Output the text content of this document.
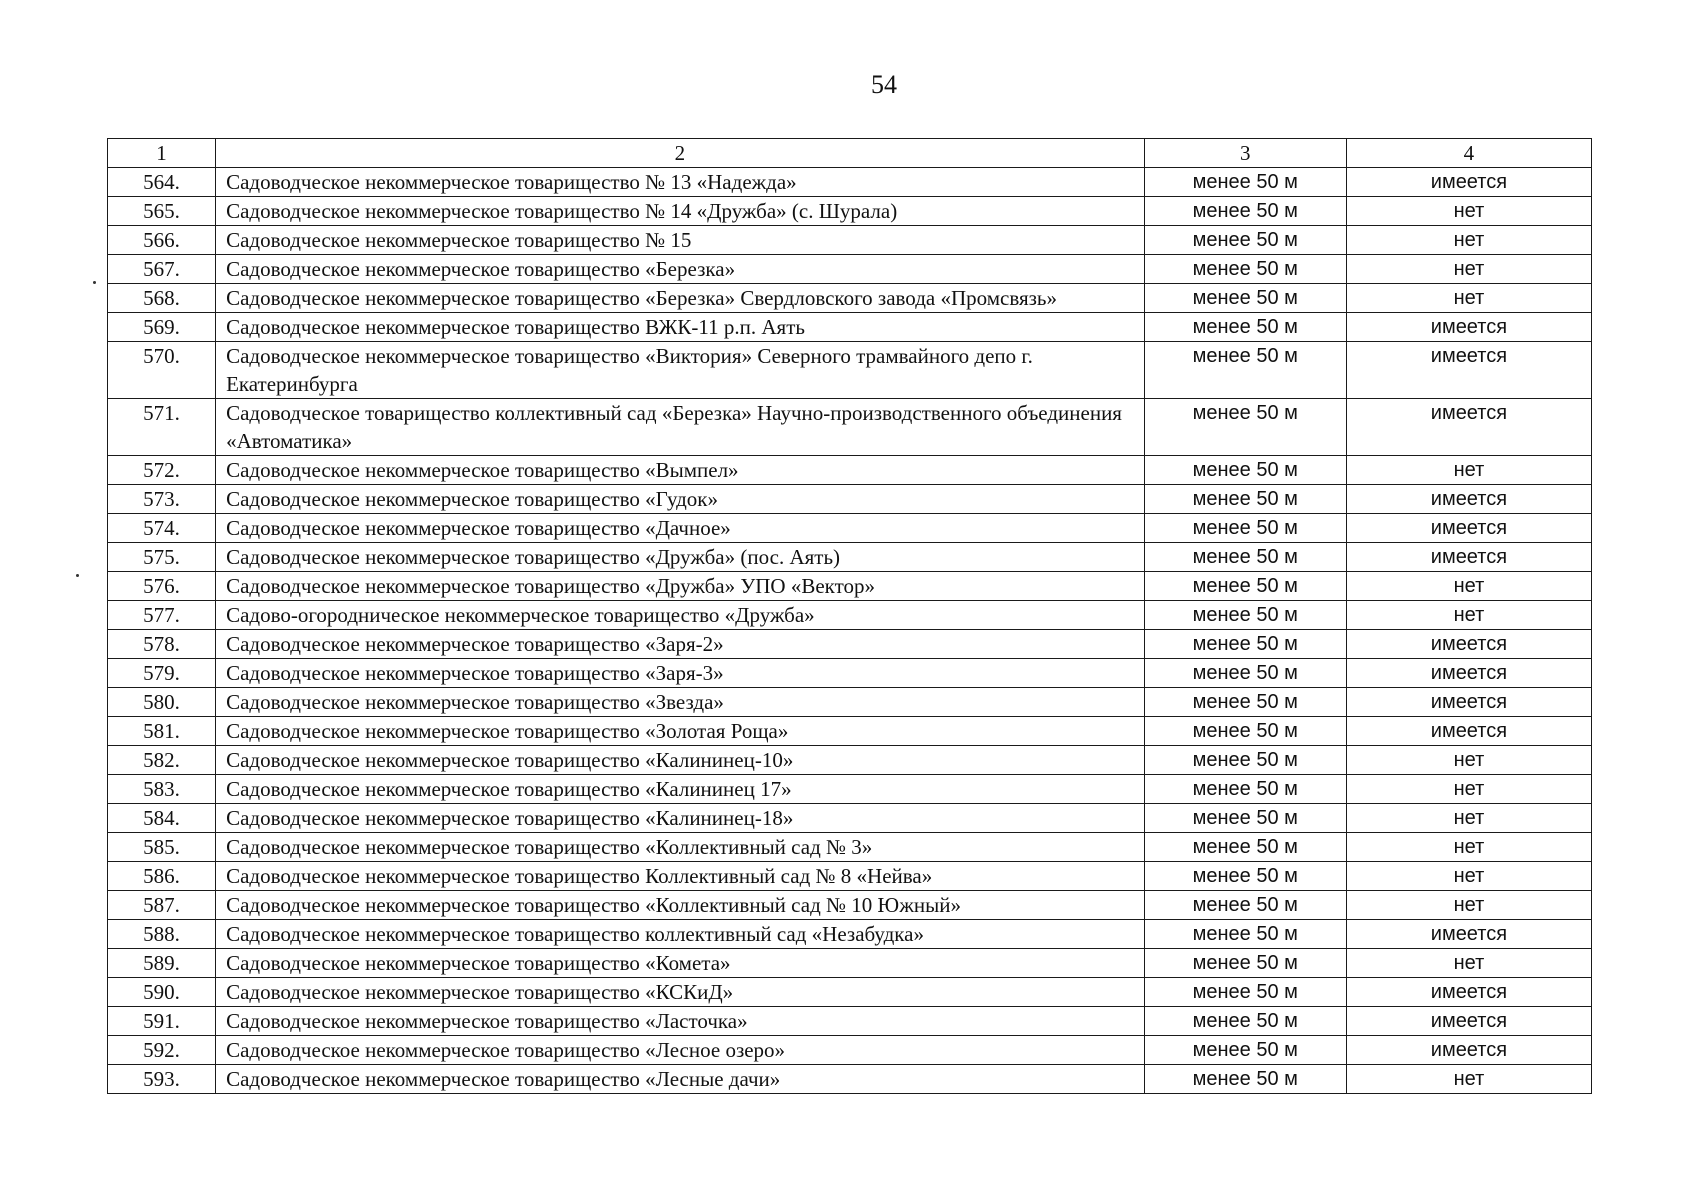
54
1	2	3	4
564.	Садоводческое некоммерческое товарищество № 13 «Надежда»	менее 50 м	имеется
565.	Садоводческое некоммерческое товарищество № 14 «Дружба» (с. Шурала)	менее 50 м	нет
566.	Садоводческое некоммерческое товарищество № 15	менее 50 м	нет
567.	Садоводческое некоммерческое товарищество «Березка»	менее 50 м	нет
568.	Садоводческое некоммерческое товарищество «Березка» Свердловского завода «Промсвязь»	менее 50 м	нет
569.	Садоводческое некоммерческое товарищество ВЖК-11 р.п. Аять	менее 50 м	имеется
570.	Садоводческое некоммерческое товарищество «Виктория» Северного трамвайного депо г. Екатеринбурга	менее 50 м	имеется
571.	Садоводческое товарищество коллективный сад «Березка» Научно-производственного объединения «Автоматика»	менее 50 м	имеется
572.	Садоводческое некоммерческое товарищество «Вымпел»	менее 50 м	нет
573.	Садоводческое некоммерческое товарищество «Гудок»	менее 50 м	имеется
574.	Садоводческое некоммерческое товарищество «Дачное»	менее 50 м	имеется
575.	Садоводческое некоммерческое товарищество «Дружба» (пос. Аять)	менее 50 м	имеется
576.	Садоводческое некоммерческое товарищество «Дружба» УПО «Вектор»	менее 50 м	нет
577.	Садово-огородническое некоммерческое товарищество «Дружба»	менее 50 м	нет
578.	Садоводческое некоммерческое товарищество «Заря-2»	менее 50 м	имеется
579.	Садоводческое некоммерческое товарищество «Заря-3»	менее 50 м	имеется
580.	Садоводческое некоммерческое товарищество «Звезда»	менее 50 м	имеется
581.	Садоводческое некоммерческое товарищество «Золотая Роща»	менее 50 м	имеется
582.	Садоводческое некоммерческое товарищество «Калининец-10»	менее 50 м	нет
583.	Садоводческое некоммерческое товарищество «Калининец 17»	менее 50 м	нет
584.	Садоводческое некоммерческое товарищество «Калининец-18»	менее 50 м	нет
585.	Садоводческое некоммерческое товарищество «Коллективный сад № 3»	менее 50 м	нет
586.	Садоводческое некоммерческое товарищество Коллективный сад № 8 «Нейва»	менее 50 м	нет
587.	Садоводческое некоммерческое товарищество «Коллективный сад № 10 Южный»	менее 50 м	нет
588.	Садоводческое некоммерческое товарищество коллективный сад «Незабудка»	менее 50 м	имеется
589.	Садоводческое некоммерческое товарищество «Комета»	менее 50 м	нет
590.	Садоводческое некоммерческое товарищество «КСКиД»	менее 50 м	имеется
591.	Садоводческое некоммерческое товарищество «Ласточка»	менее 50 м	имеется
592.	Садоводческое некоммерческое товарищество «Лесное озеро»	менее 50 м	имеется
593.	Садоводческое некоммерческое товарищество «Лесные дачи»	менее 50 м	нет
